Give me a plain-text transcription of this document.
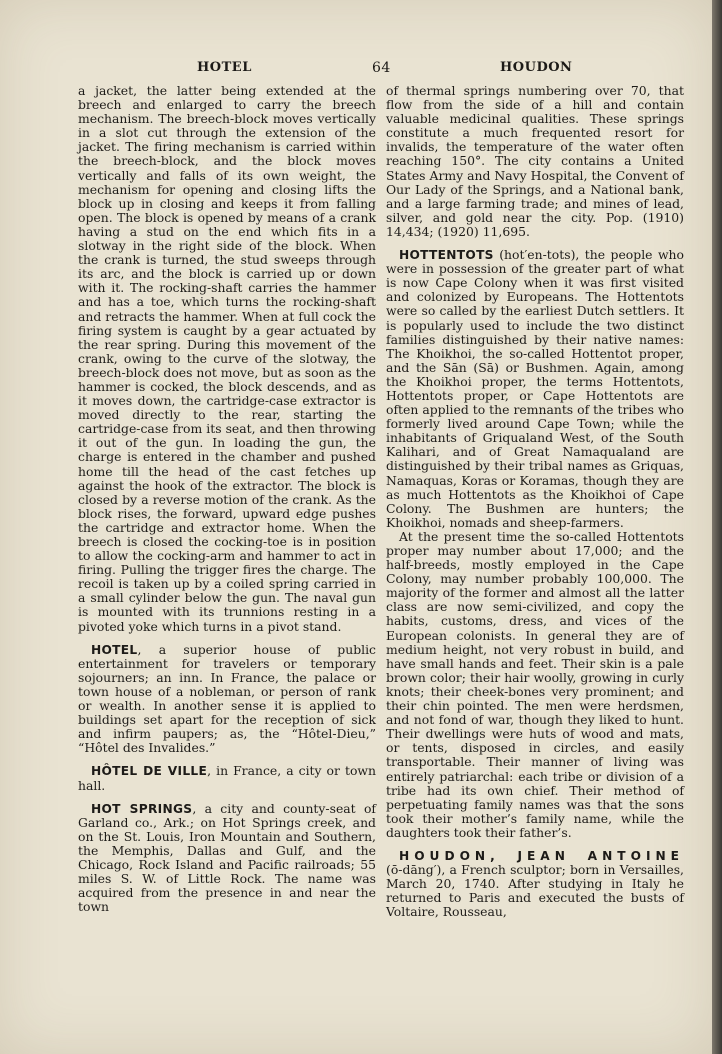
HOTEL	64	HOUDON

a jacket, the latter being extended at the breech and enlarged to carry the breech mechanism. The breech-block moves vertically in a slot cut through the extension of the jacket. The firing mechanism is carried within the breech-block, and the block moves vertically and falls of its own weight, the mechanism for opening and closing lifts the block up in closing and keeps it from falling open. The block is opened by means of a crank having a stud on the end which fits in a slotway in the right side of the block. When the crank is turned, the stud sweeps through its arc, and the block is carried up or down with it. The rocking-shaft carries the hammer and has a toe, which turns the rocking-shaft and retracts the hammer. When at full cock the firing system is caught by a gear actuated by the rear spring. During this movement of the crank, owing to the curve of the slotway, the breech-block does not move, but as soon as the hammer is cocked, the block descends, and as it moves down, the cartridge-case extractor is moved directly to the rear, starting the cartridge-case from its seat, and then throwing it out of the gun. In loading the gun, the charge is entered in the chamber and pushed home till the head of the cast fetches up against the hook of the extractor. The block is closed by a reverse motion of the crank. As the block rises, the forward, upward edge pushes the cartridge and extractor home. When the breech is closed the cocking-toe is in position to allow the cocking-arm and hammer to act in firing. Pulling the trigger fires the charge. The recoil is taken up by a coiled spring carried in a small cylinder below the gun. The naval gun is mounted with its trunnions resting in a pivoted yoke which turns in a pivot stand.

HOTEL, a superior house of public entertainment for travelers or temporary sojourners; an inn. In France, the palace or town house of a nobleman, or person of rank or wealth. In another sense it is applied to buildings set apart for the reception of sick and infirm paupers; as, the “Hôtel-Dieu,” “Hôtel des Invalides.”

HÔTEL DE VILLE, in France, a city or town hall.

HOT SPRINGS, a city and county-seat of Garland co., Ark.; on Hot Springs creek, and on the St. Louis, Iron Mountain and Southern, the Memphis, Dallas and Gulf, and the Chicago, Rock Island and Pacific railroads; 55 miles S. W. of Little Rock. The name was acquired from the presence in and near the town

of thermal springs numbering over 70, that flow from the side of a hill and contain valuable medicinal qualities. These springs constitute a much frequented resort for invalids, the temperature of the water often reaching 150°. The city contains a United States Army and Navy Hospital, the Convent of Our Lady of the Springs, and a National bank, and a large farming trade; and mines of lead, silver, and gold near the city. Pop. (1910) 14,434; (1920) 11,695.

HOTTENTOTS (hot′en-tots), the people who were in possession of the greater part of what is now Cape Colony when it was first visited and colonized by Europeans. The Hottentots were so called by the earliest Dutch settlers. It is popularly used to include the two distinct families distinguished by their native names: The Khoikhoi, the so-called Hottentot proper, and the Sān (Sā) or Bushmen. Again, among the Khoikhoi proper, the terms Hottentots, Hottentots proper, or Cape Hottentots are often applied to the remnants of the tribes who formerly lived around Cape Town; while the inhabitants of Griqualand West, of the South Kalihari, and of Great Namaqualand are distinguished by their tribal names as Griquas, Namaquas, Koras or Koramas, though they are as much Hottentots as the Khoikhoi of Cape Colony. The Bushmen are hunters; the Khoikhoi, nomads and sheep-farmers.

At the present time the so-called Hottentots proper may number about 17,000; and the half-breeds, mostly employed in the Cape Colony, may number probably 100,000. The majority of the former and almost all the latter class are now semi-civilized, and copy the habits, customs, dress, and vices of the European colonists. In general they are of medium height, not very robust in build, and have small hands and feet. Their skin is a pale brown color; their hair woolly, growing in curly knots; their cheek-bones very prominent; and their chin pointed. The men were herdsmen, and not fond of war, though they liked to hunt. Their dwellings were huts of wood and mats, or tents, disposed in circles, and easily transportable. Their manner of living was entirely patriarchal: each tribe or division of a tribe had its own chief. Their method of perpetuating family names was that the sons took their mother’s family name, while the daughters took their father’s.

HOUDON, JEAN ANTOINE (ō-dāng′), a French sculptor; born in Versailles, March 20, 1740. After studying in Italy he returned to Paris and executed the busts of Voltaire, Rousseau,
